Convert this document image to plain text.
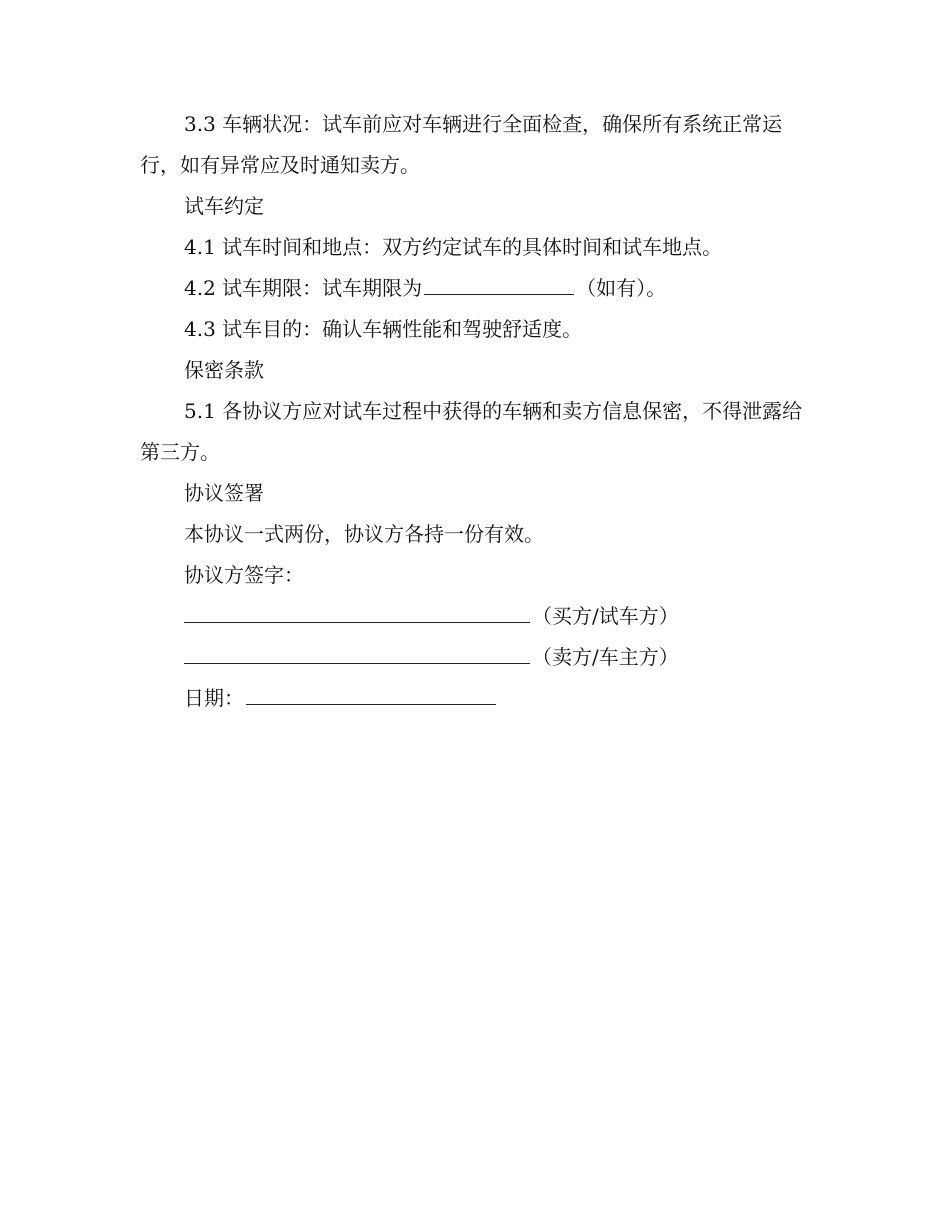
3.3 车辆状况：试车前应对车辆进行全面检查，确保所有系统正常运行，如有异常应及时通知卖方。

试车约定

4.1 试车时间和地点：双方约定试车的具体时间和试车地点。

4.2 试车期限：试车期限为	（如有）。

4.3 试车目的：确认车辆性能和驾驶舒适度。

保密条款

5.1 各协议方应对试车过程中获得的车辆和卖方信息保密，不得泄露给第三方。

协议签署

本协议一式两份，协议方各持一份有效。

协议方签字：

（买方/试车方）

（卖方/车主方）

日期：
